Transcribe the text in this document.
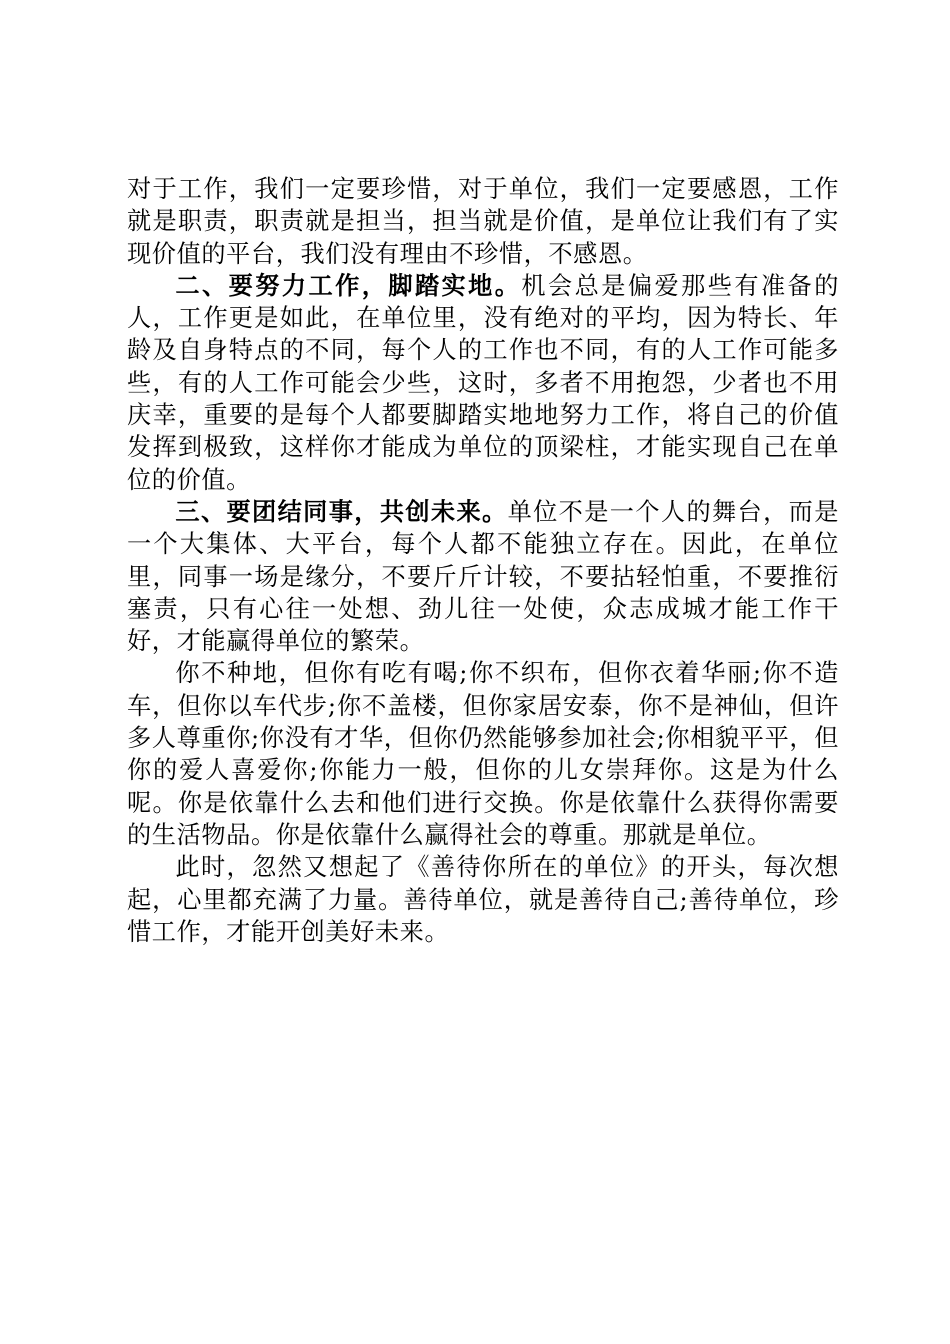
对于工作，我们一定要珍惜，对于单位，我们一定要感恩，工作就是职责，职责就是担当，担当就是价值，是单位让我们有了实现价值的平台，我们没有理由不珍惜，不感恩。

二、要努力工作，脚踏实地。机会总是偏爱那些有准备的人，工作更是如此，在单位里，没有绝对的平均，因为特长、年龄及自身特点的不同，每个人的工作也不同，有的人工作可能多些，有的人工作可能会少些，这时，多者不用抱怨，少者也不用庆幸，重要的是每个人都要脚踏实地地努力工作，将自己的价值发挥到极致，这样你才能成为单位的顶梁柱，才能实现自己在单位的价值。

三、要团结同事，共创未来。单位不是一个人的舞台，而是一个大集体、大平台，每个人都不能独立存在。因此，在单位里，同事一场是缘分，不要斤斤计较，不要拈轻怕重，不要推衍塞责，只有心往一处想、劲儿往一处使，众志成城才能工作干好，才能赢得单位的繁荣。

你不种地，但你有吃有喝;你不织布，但你衣着华丽;你不造车，但你以车代步;你不盖楼，但你家居安泰，你不是神仙，但许多人尊重你;你没有才华，但你仍然能够参加社会;你相貌平平，但你的爱人喜爱你;你能力一般，但你的儿女崇拜你。这是为什么呢。你是依靠什么去和他们进行交换。你是依靠什么获得你需要的生活物品。你是依靠什么赢得社会的尊重。那就是单位。

此时，忽然又想起了《善待你所在的单位》的开头，每次想起，心里都充满了力量。善待单位，就是善待自己;善待单位，珍惜工作，才能开创美好未来。
